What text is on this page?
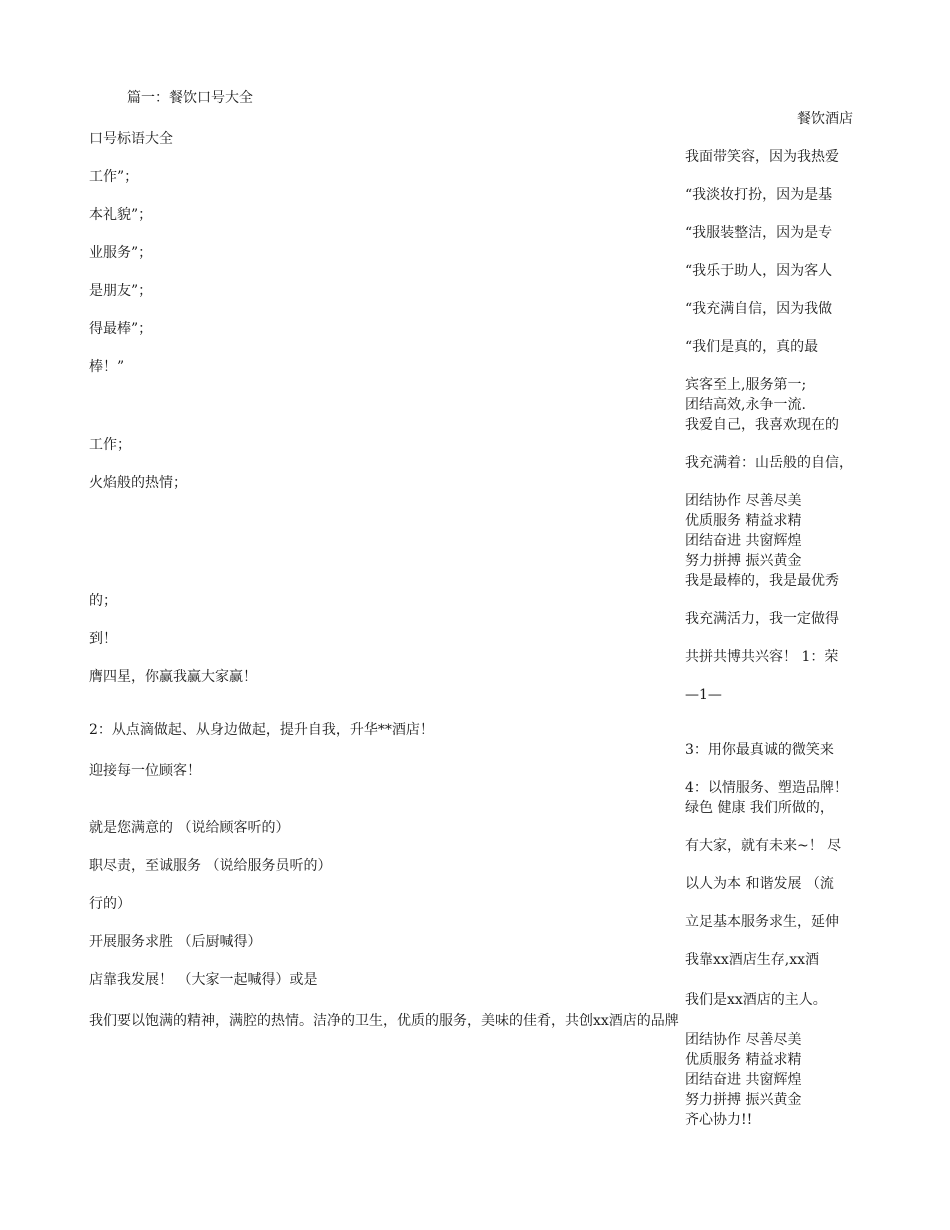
篇一：餐饮口号大全

口号标语大全

工作”；

本礼貌”；

业服务”；

是朋友”；

得最棒”；

棒！”

工作；

火焰般的热情；

的；

到！

膺四星，你赢我赢大家赢！

2：从点滴做起、从身边做起，提升自我，升华**酒店！

迎接每一位顾客！

就是您满意的 （说给顾客听的）

职尽责，至诚服务 （说给服务员听的）

行的）

开展服务求胜 （后厨喊得）

店靠我发展！ （大家一起喊得）或是

我们要以饱满的精神，满腔的热情。洁净的卫生，优质的服务，美味的佳肴，共创xx酒店的品牌

餐饮酒店

我面带笑容，因为我热爱

“我淡妆打扮，因为是基

“我服装整洁，因为是专

“我乐于助人，因为客人

“我充满自信，因为我做

“我们是真的，真的最

宾客至上,服务第一;

团结高效,永争一流.

我爱自己，我喜欢现在的

我充满着：山岳般的自信，

团结协作 尽善尽美

优质服务 精益求精

团结奋进 共窗辉煌

努力拼搏 振兴黄金

我是最棒的，我是最优秀

我充满活力，我一定做得

共拼共博共兴容！ 1：荣

—1—

3：用你最真诚的微笑来

4：以情服务、塑造品牌！

绿色 健康 我们所做的，

有大家，就有未来~！ 尽

以人为本 和谐发展 （流

立足基本服务求生，延伸

我靠xx酒店生存,xx酒

我们是xx酒店的主人。

团结协作 尽善尽美

优质服务 精益求精

团结奋进 共窗辉煌

努力拼搏 振兴黄金

齐心协力!!
